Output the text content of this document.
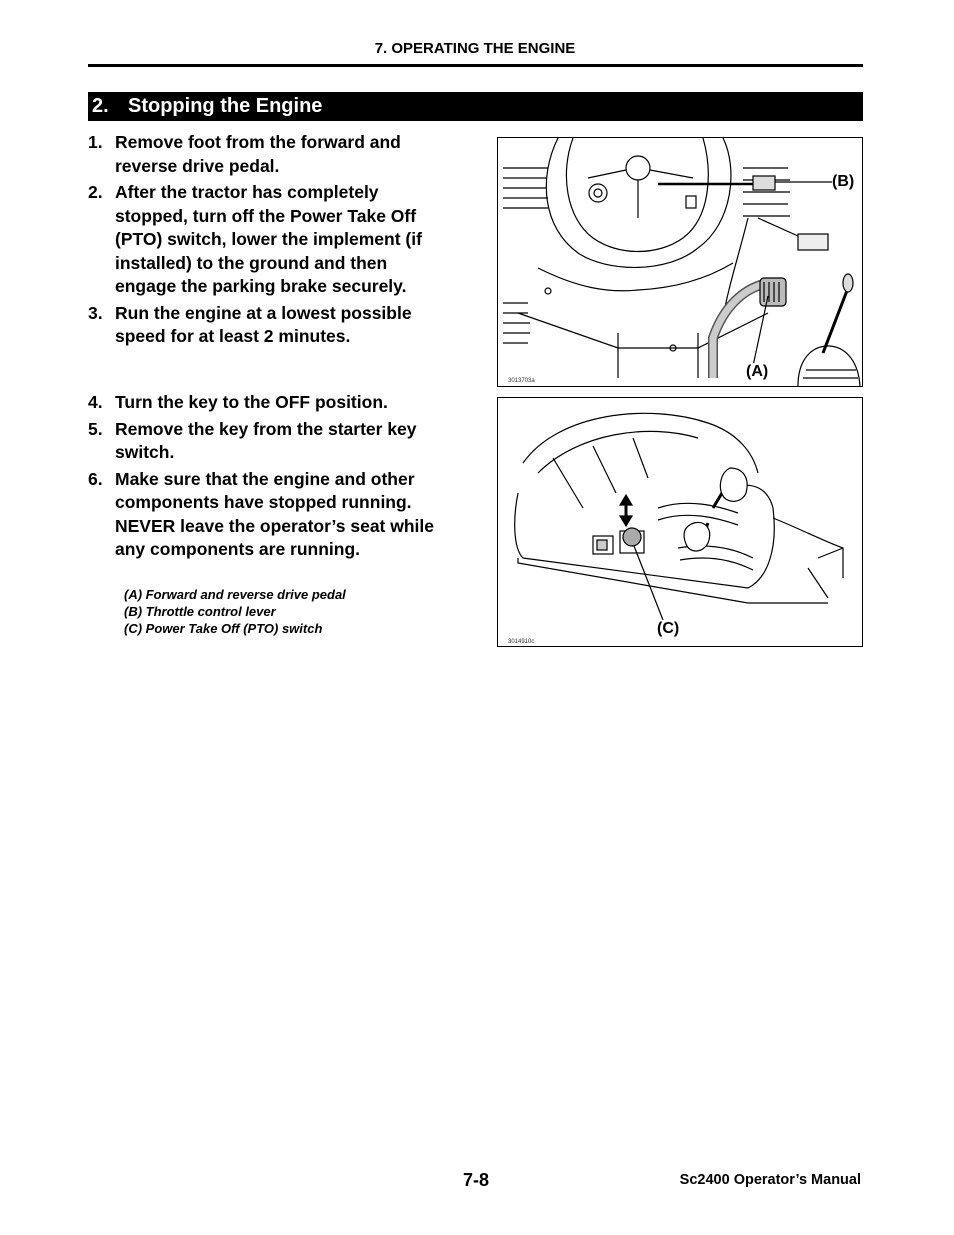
7. OPERATING THE ENGINE
2. Stopping the Engine
1. Remove foot from the forward and reverse drive pedal.
2. After the tractor has completely stopped, turn off the Power Take Off (PTO) switch, lower the implement (if installed) to the ground and then engage the parking brake securely.
3. Run the engine at a lowest possible speed for at least 2 minutes.
4. Turn the key to the OFF position.
5. Remove the key from the starter key switch.
6. Make sure that the engine and other components have stopped running. NEVER leave the operator’s seat while any components are running.
(A) Forward and reverse drive pedal
(B) Throttle control lever
(C) Power Take Off (PTO) switch
(B)
(A)
3013703a
(C)
3014910c
7-8	Sc2400 Operator’s Manual
